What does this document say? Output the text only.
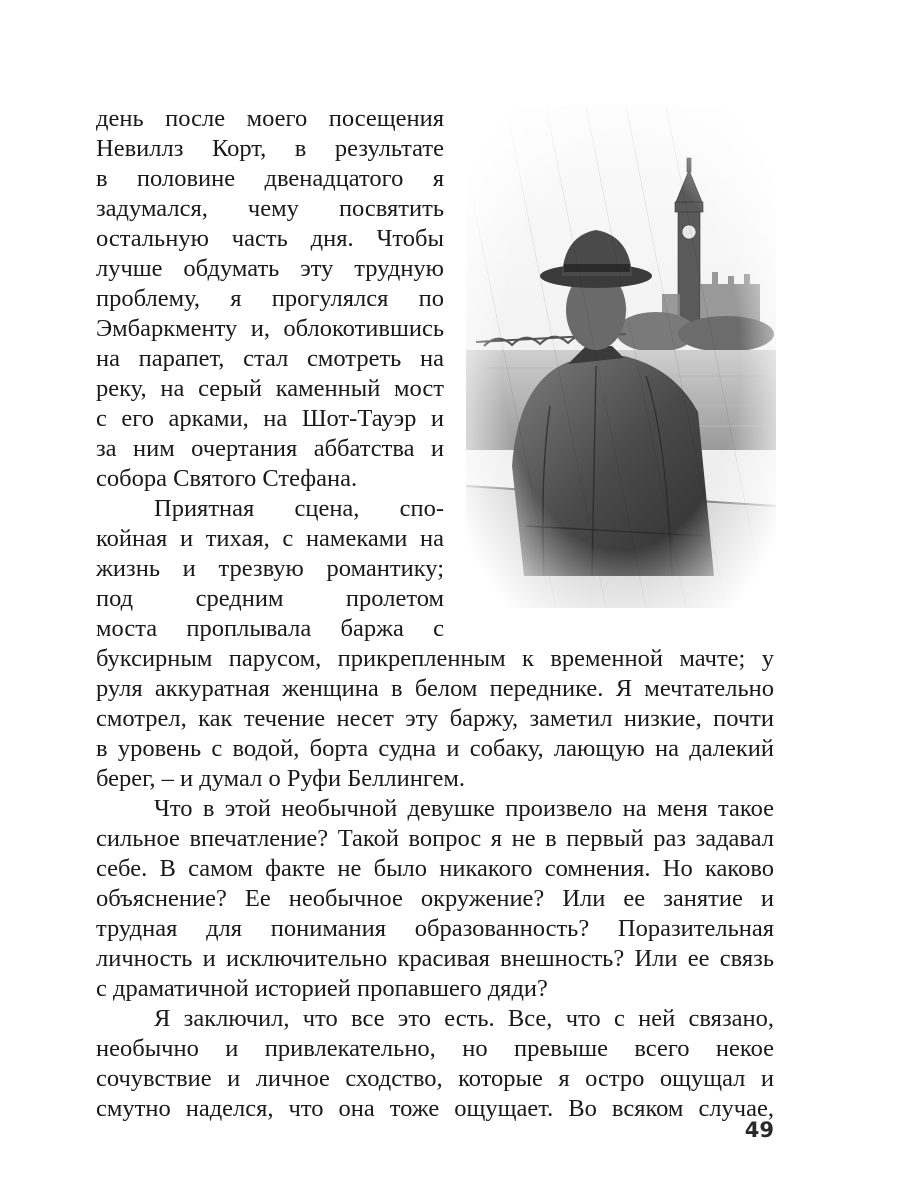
день после моего посещения
Невиллз Корт, в результате
в половине двенадцатого я
задумался, чему посвятить
остальную часть дня. Чтобы
лучше обдумать эту трудную
проблему, я прогулялся по
Эмбаркменту и, облокотившись
на парапет, стал смотреть на
реку, на серый каменный мост
с его арками, на Шот-Тауэр и
за ним очертания аббатства и
собора Святого Стефана.
Приятная сцена, спо-
койная и тихая, с намеками на
жизнь и трезвую романтику;
под средним пролетом
моста проплывала баржа с
буксирным парусом, прикрепленным к временной мачте; у
руля аккуратная женщина в белом переднике. Я мечтательно
смотрел, как течение несет эту баржу, заметил низкие, почти
в уровень с водой, борта судна и собаку, лающую на далекий
берег, – и думал о Руфи Беллингем.
Что в этой необычной девушке произвело на меня такое
сильное впечатление? Такой вопрос я не в первый раз задавал
себе. В самом факте не было никакого сомнения. Но каково
объяснение? Ее необычное окружение? Или ее занятие и
трудная для понимания образованность? Поразительная
личность и исключительно красивая внешность? Или ее связь
с драматичной историей пропавшего дяди?
Я заключил, что все это есть. Все, что с ней связано,
необычно и привлекательно, но превыше всего некое
сочувствие и личное сходство, которые я остро ощущал и
смутно наделся, что она тоже ощущает. Во всяком случае,
49
